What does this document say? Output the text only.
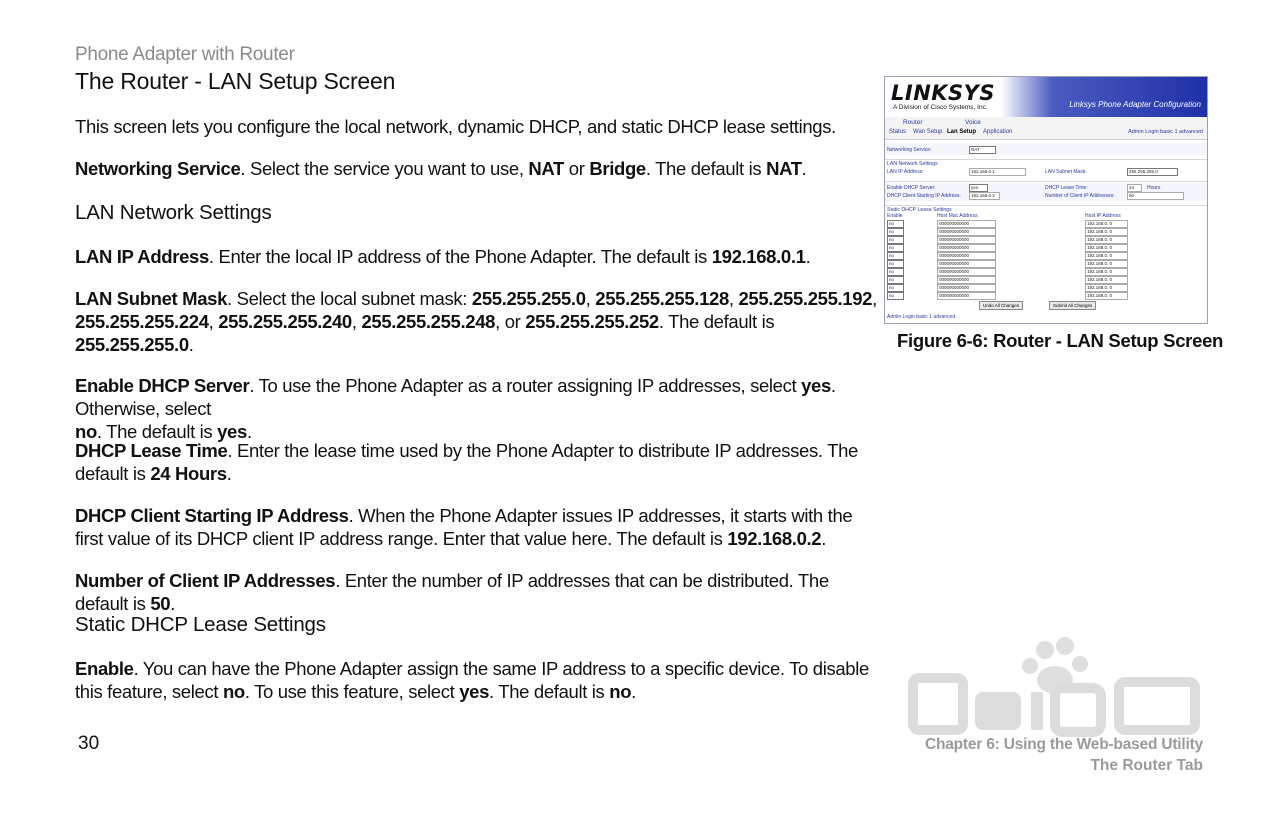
Phone Adapter with Router
The Router - LAN Setup Screen

This screen lets you configure the local network, dynamic DHCP, and static DHCP lease settings.

Networking Service. Select the service you want to use, NAT or Bridge. The default is NAT.

LAN Network Settings

LAN IP Address. Enter the local IP address of the Phone Adapter. The default is 192.168.0.1.

LAN Subnet Mask. Select the local subnet mask: 255.255.255.0, 255.255.255.128, 255.255.255.192,
255.255.255.224, 255.255.255.240, 255.255.255.248, or 255.255.255.252. The default is
255.255.255.0.

Enable DHCP Server. To use the Phone Adapter as a router assigning IP addresses, select yes. Otherwise, select
no. The default is yes.

DHCP Lease Time. Enter the lease time used by the Phone Adapter to distribute IP addresses. The default is 24 Hours.

DHCP Client Starting IP Address. When the Phone Adapter issues IP addresses, it starts with the first value of its DHCP client IP address range. Enter that value here. The default is 192.168.0.2.

Number of Client IP Addresses. Enter the number of IP addresses that can be distributed. The default is 50.

Static DHCP Lease Settings

Enable. You can have the Phone Adapter assign the same IP address to a specific device. To disable this feature, select no. To use this feature, select yes. The default is no.

30
LINKSYS
A Division of Cisco Systems, Inc.	Linksys Phone Adapter Configuration
Router	Voice
Status Wan Setup Lan Setup Application	Admin Login basic 1 advanced
Networking Service:	NAT
LAN Network Settings
LAN IP Address:	192.168.0.1	LAN Subnet Mask:	255.255.255.0
Enable DHCP Server:	yes	DHCP Lease Time:	24	Hours
DHCP Client Starting IP Address:	192.168.0.2	Number of Client IP Addresses:	50
Static DHCP Lease Settings
Enable	Host Mac Address	Host IP Address
no	000000000000	192.168.0. 0
no	000000000000	192.168.0. 0
no	000000000000	192.168.0. 0
no	000000000000	192.168.0. 0
no	000000000000	192.168.0. 0
no	000000000000	192.168.0. 0
no	000000000000	192.168.0. 0
no	000000000000	192.168.0. 0
no	000000000000	192.168.0. 0
no	000000000000	192.168.0. 0
Undo All Changes	Submit All Changes
Admin Login basic 1 advanced
Figure 6-6: Router - LAN Setup Screen
Chapter 6: Using the Web-based Utility
The Router Tab
